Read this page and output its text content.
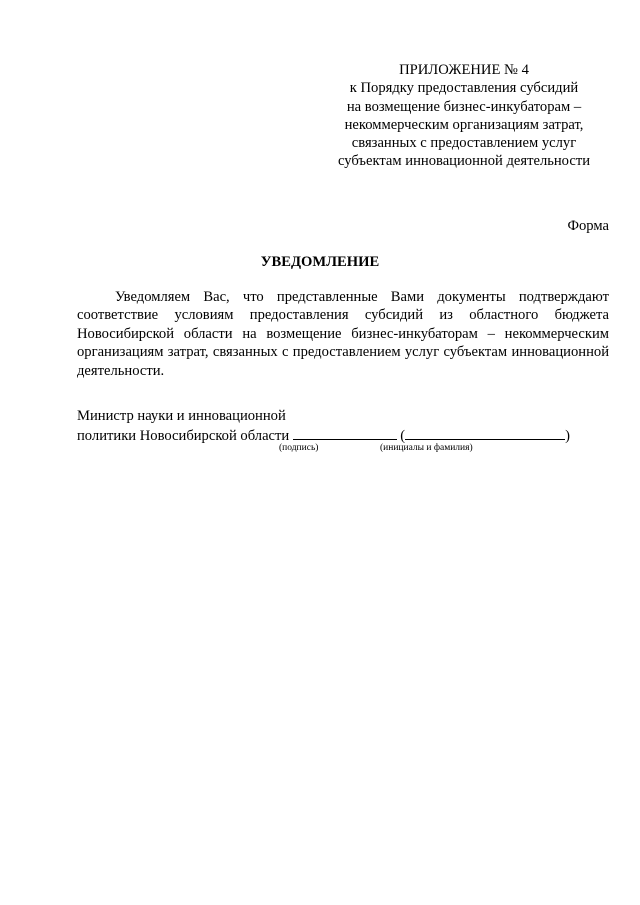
ПРИЛОЖЕНИЕ № 4
к Порядку предоставления субсидий
на возмещение бизнес-инкубаторам –
некоммерческим организациям затрат,
связанных с предоставлением услуг
субъектам инновационной деятельности
Форма
УВЕДОМЛЕНИЕ

Уведомляем Вас, что представленные Вами документы подтверждают соответствие условиям предоставления субсидий из областного бюджета Новосибирской области на возмещение бизнес-инкубаторам – некоммерческим организациям затрат, связанных с предоставлением услуг субъектам инновационной деятельности.

Министр науки и инновационной
политики Новосибирской области	(	)
(подпись)	(инициалы и фамилия)
